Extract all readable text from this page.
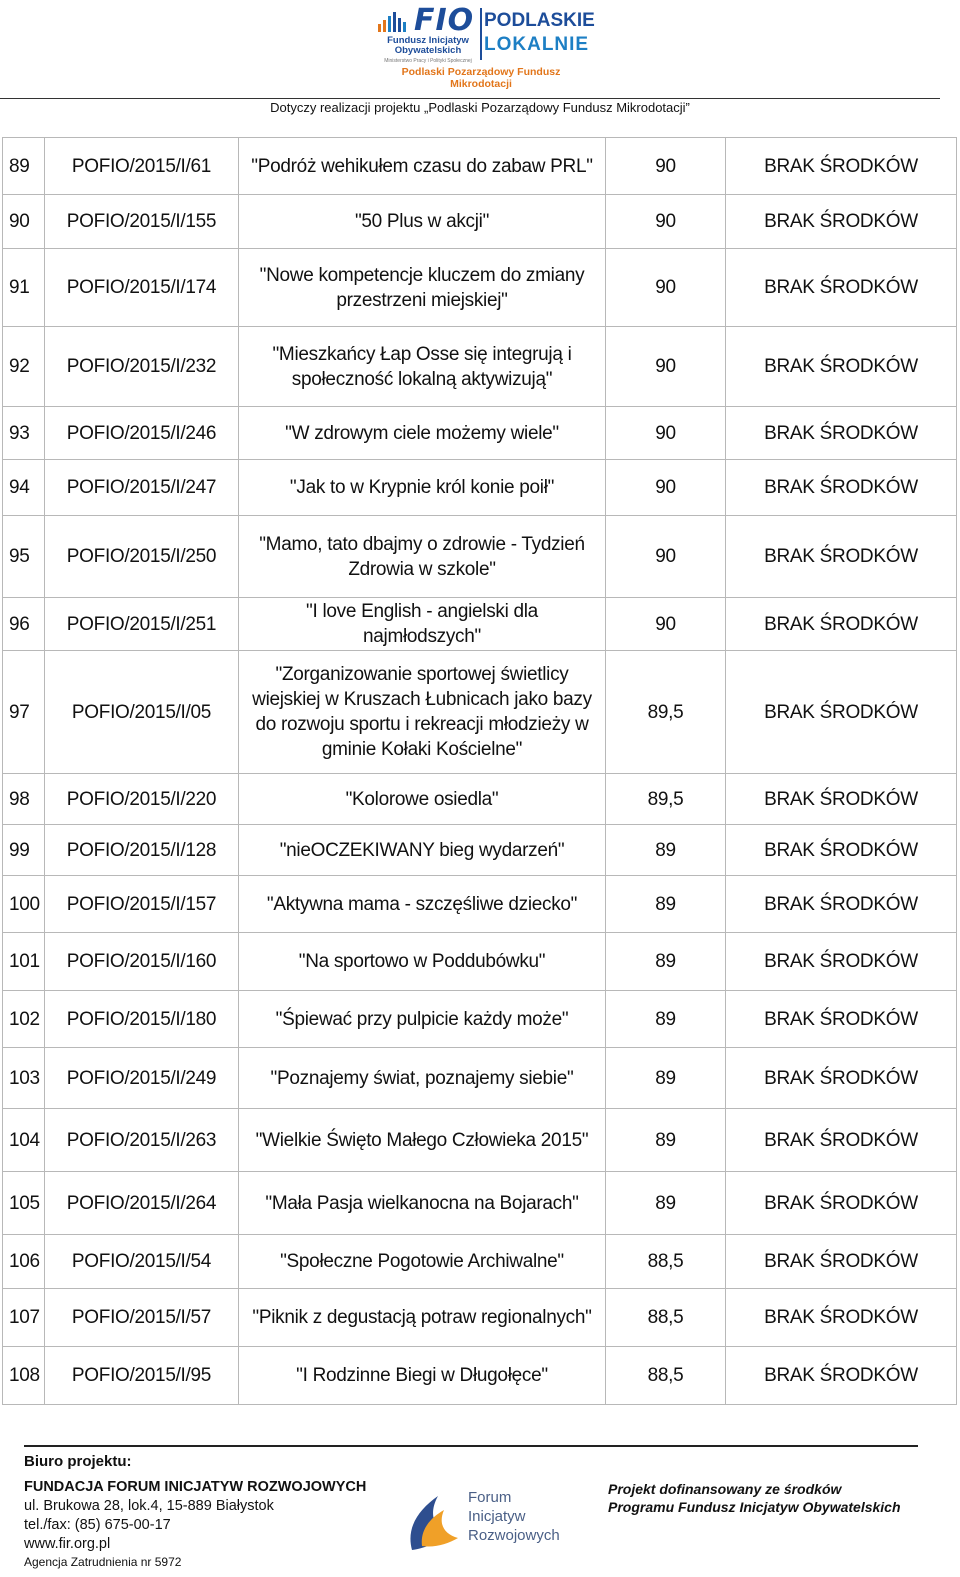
FIO
Fundusz Inicjatyw Obywatelskich
Ministerstwo Pracy i Polityki Społecznej
PODLASKIE
LOKALNIE
Podlaski Pozarządowy Fundusz Mikrodotacji
Dotyczy realizacji projektu „Podlaski Pozarządowy Fundusz Mikrodotacji”
89	POFIO/2015/I/61	"Podróż wehikułem czasu do zabaw PRL"	90	BRAK ŚRODKÓW
90	POFIO/2015/I/155	"50 Plus w akcji"	90	BRAK ŚRODKÓW
91	POFIO/2015/I/174	"Nowe kompetencje kluczem do zmiany przestrzeni miejskiej"	90	BRAK ŚRODKÓW
92	POFIO/2015/I/232	"Mieszkańcy Łap Osse się integrują i społeczność lokalną aktywizują"	90	BRAK ŚRODKÓW
93	POFIO/2015/I/246	"W zdrowym ciele możemy wiele"	90	BRAK ŚRODKÓW
94	POFIO/2015/I/247	"Jak to w Krypnie król konie poił"	90	BRAK ŚRODKÓW
95	POFIO/2015/I/250	"Mamo, tato dbajmy o zdrowie - Tydzień Zdrowia w szkole"	90	BRAK ŚRODKÓW
96	POFIO/2015/I/251	"I love English - angielski dla najmłodszych"	90	BRAK ŚRODKÓW
97	POFIO/2015/I/05	"Zorganizowanie sportowej świetlicy wiejskiej w Kruszach Łubnicach jako bazy do rozwoju sportu i rekreacji młodzieży w gminie Kołaki Kościelne"	89,5	BRAK ŚRODKÓW
98	POFIO/2015/I/220	"Kolorowe osiedla"	89,5	BRAK ŚRODKÓW
99	POFIO/2015/I/128	"nieOCZEKIWANY bieg wydarzeń"	89	BRAK ŚRODKÓW
100	POFIO/2015/I/157	"Aktywna mama - szczęśliwe dziecko"	89	BRAK ŚRODKÓW
101	POFIO/2015/I/160	"Na sportowo w Poddubówku"	89	BRAK ŚRODKÓW
102	POFIO/2015/I/180	"Śpiewać przy pulpicie każdy może"	89	BRAK ŚRODKÓW
103	POFIO/2015/I/249	"Poznajemy świat, poznajemy siebie"	89	BRAK ŚRODKÓW
104	POFIO/2015/I/263	"Wielkie Święto Małego Człowieka 2015"	89	BRAK ŚRODKÓW
105	POFIO/2015/I/264	"Mała Pasja wielkanocna na Bojarach"	89	BRAK ŚRODKÓW
106	POFIO/2015/I/54	"Społeczne Pogotowie Archiwalne"	88,5	BRAK ŚRODKÓW
107	POFIO/2015/I/57	"Piknik z degustacją potraw regionalnych"	88,5	BRAK ŚRODKÓW
108	POFIO/2015/I/95	"I Rodzinne Biegi w Długołęce"	88,5	BRAK ŚRODKÓW
Biuro projektu:
FUNDACJA FORUM INICJATYW ROZWOJOWYCH
ul. Brukowa 28, lok.4, 15-889 Białystok
tel./fax: (85) 675-00-17
www.fir.org.pl
Agencja Zatrudnienia nr 5972
Forum
Inicjatyw
Rozwojowych
Projekt dofinansowany ze środków
Programu Fundusz Inicjatyw Obywatelskich
